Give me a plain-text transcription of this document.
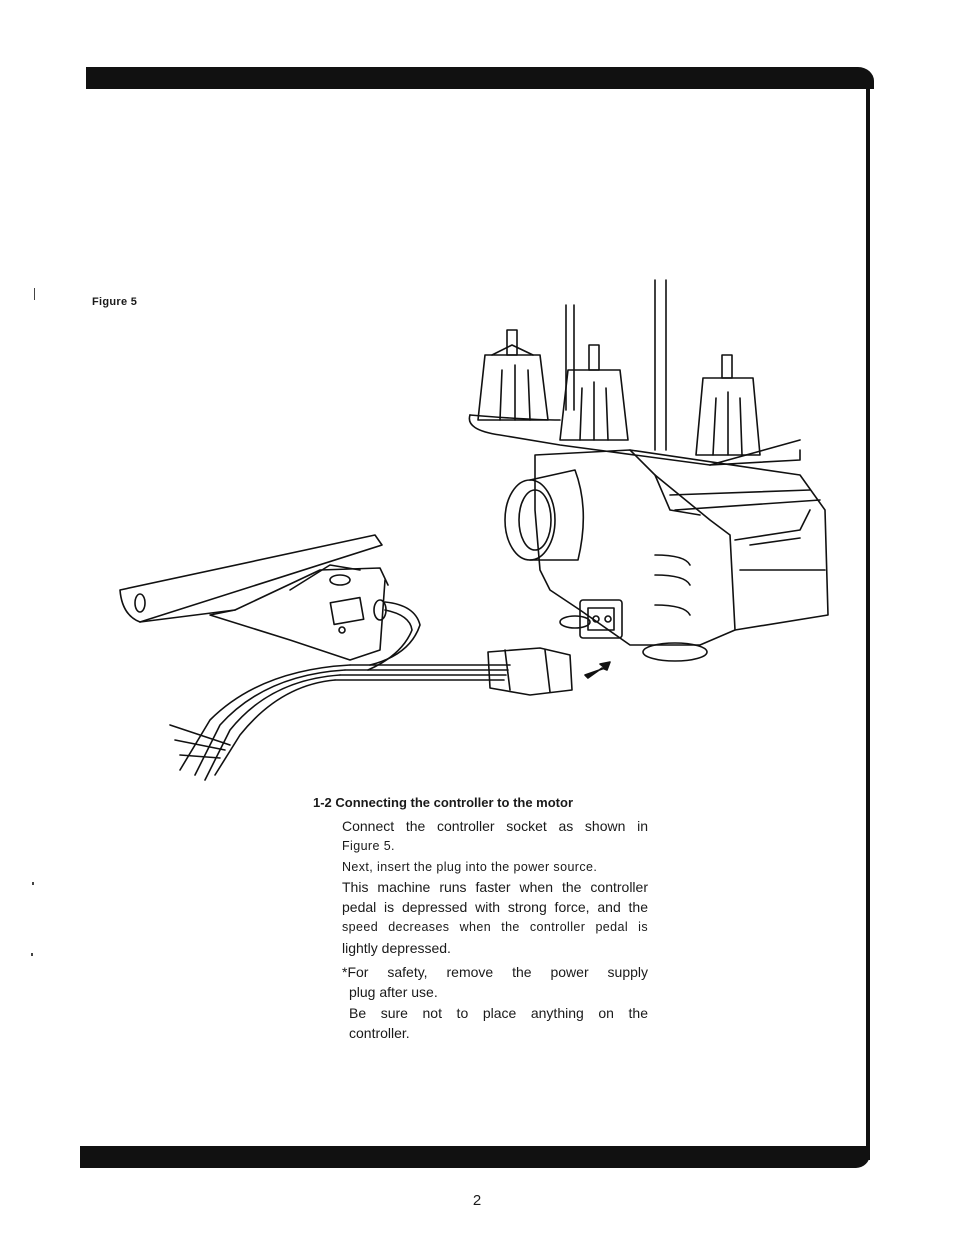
Figure 5
1-2 Connecting the controller to the motor

Connect the controller socket as shown in

Figure 5.

Next, insert the plug into the power source.

This machine runs faster when the controller

pedal is depressed with strong force, and the

speed decreases when the controller pedal is

lightly depressed.

*For safety, remove the power supply

plug after use.

Be sure not to place anything on the

controller.

2
